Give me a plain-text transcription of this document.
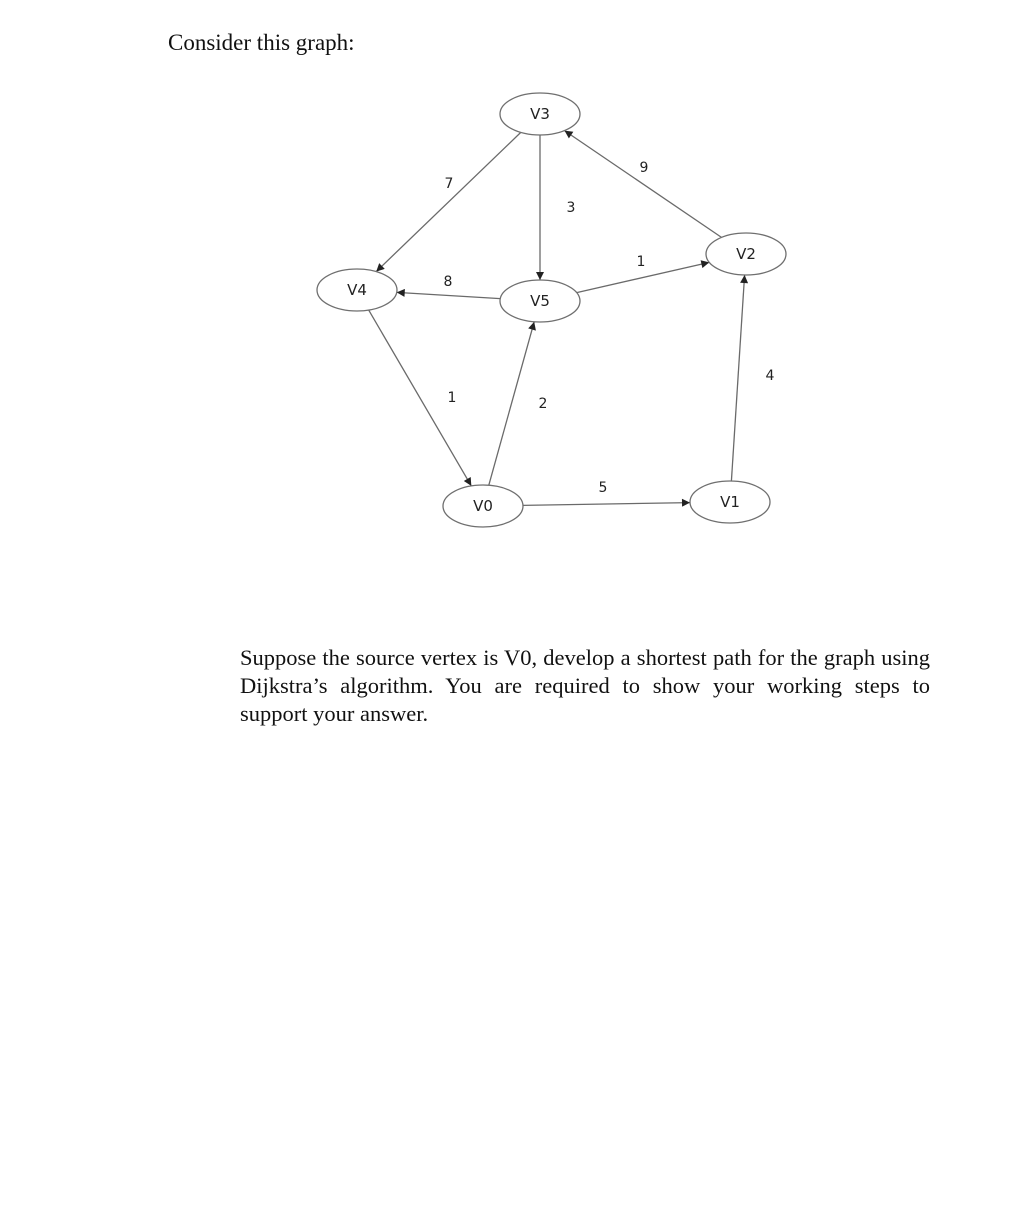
Consider this graph:

7
3
9
1
8
1	2
5
4
V0	V1
V2
V3
V4
V5

Suppose the source vertex is V0, develop a shortest path for the graph using Dijkstra’s algorithm. You are required to show your working steps to support your answer.
